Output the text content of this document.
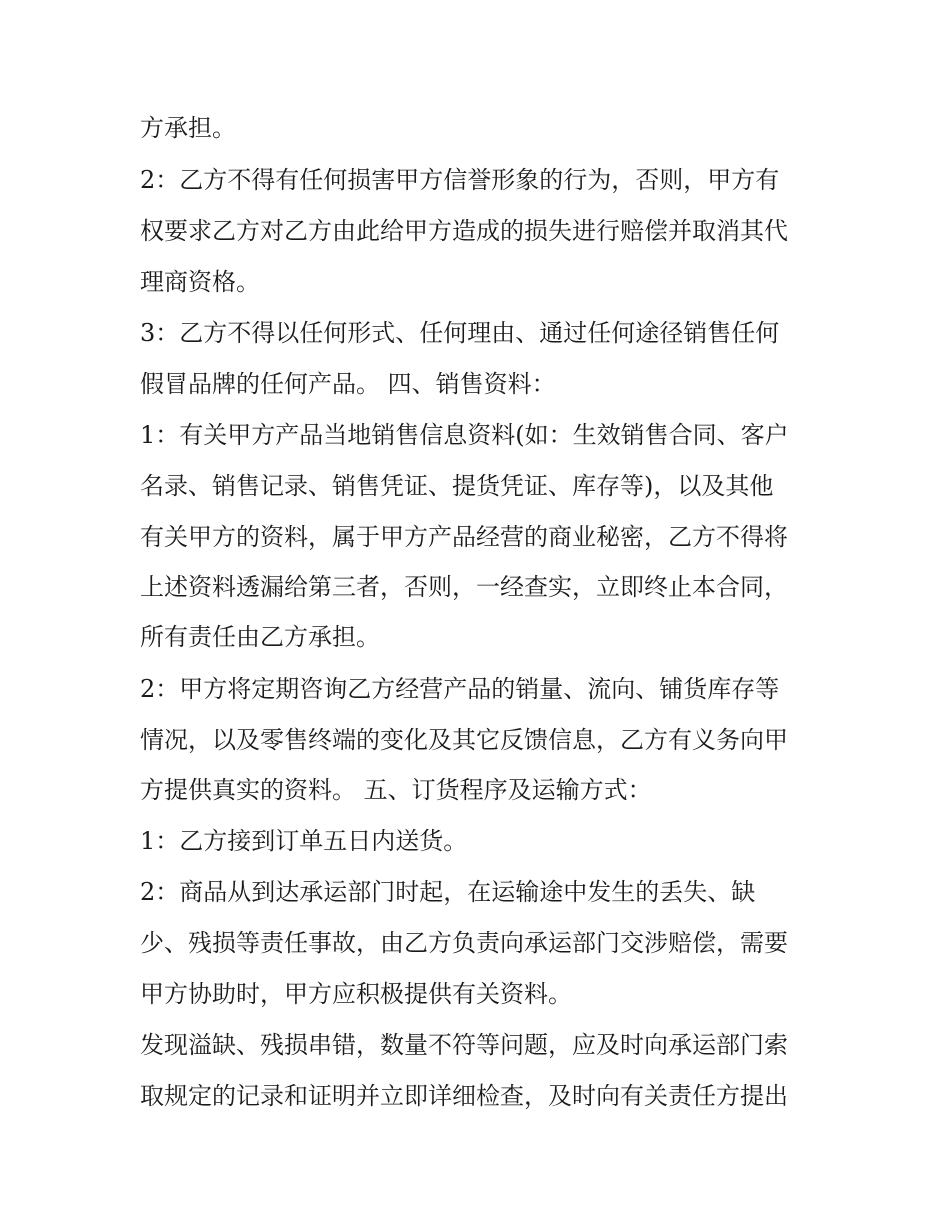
方承担。
2：乙方不得有任何损害甲方信誉形象的行为，否则，甲方有
权要求乙方对乙方由此给甲方造成的损失进行赔偿并取消其代
理商资格。
3：乙方不得以任何形式、任何理由、通过任何途径销售任何
假冒品牌的任何产品。 四、销售资料：
1：有关甲方产品当地销售信息资料(如：生效销售合同、客户
名录、销售记录、销售凭证、提货凭证、库存等)，以及其他
有关甲方的资料，属于甲方产品经营的商业秘密，乙方不得将
上述资料透漏给第三者，否则，一经查实，立即终止本合同，
所有责任由乙方承担。
2：甲方将定期咨询乙方经营产品的销量、流向、铺货库存等
情况，以及零售终端的变化及其它反馈信息，乙方有义务向甲
方提供真实的资料。 五、订货程序及运输方式：
1：乙方接到订单五日内送货。
2：商品从到达承运部门时起，在运输途中发生的丢失、缺
少、残损等责任事故，由乙方负责向承运部门交涉赔偿，需要
甲方协助时，甲方应积极提供有关资料。
发现溢缺、残损串错，数量不符等问题，应及时向承运部门索
取规定的记录和证明并立即详细检查，及时向有关责任方提出
